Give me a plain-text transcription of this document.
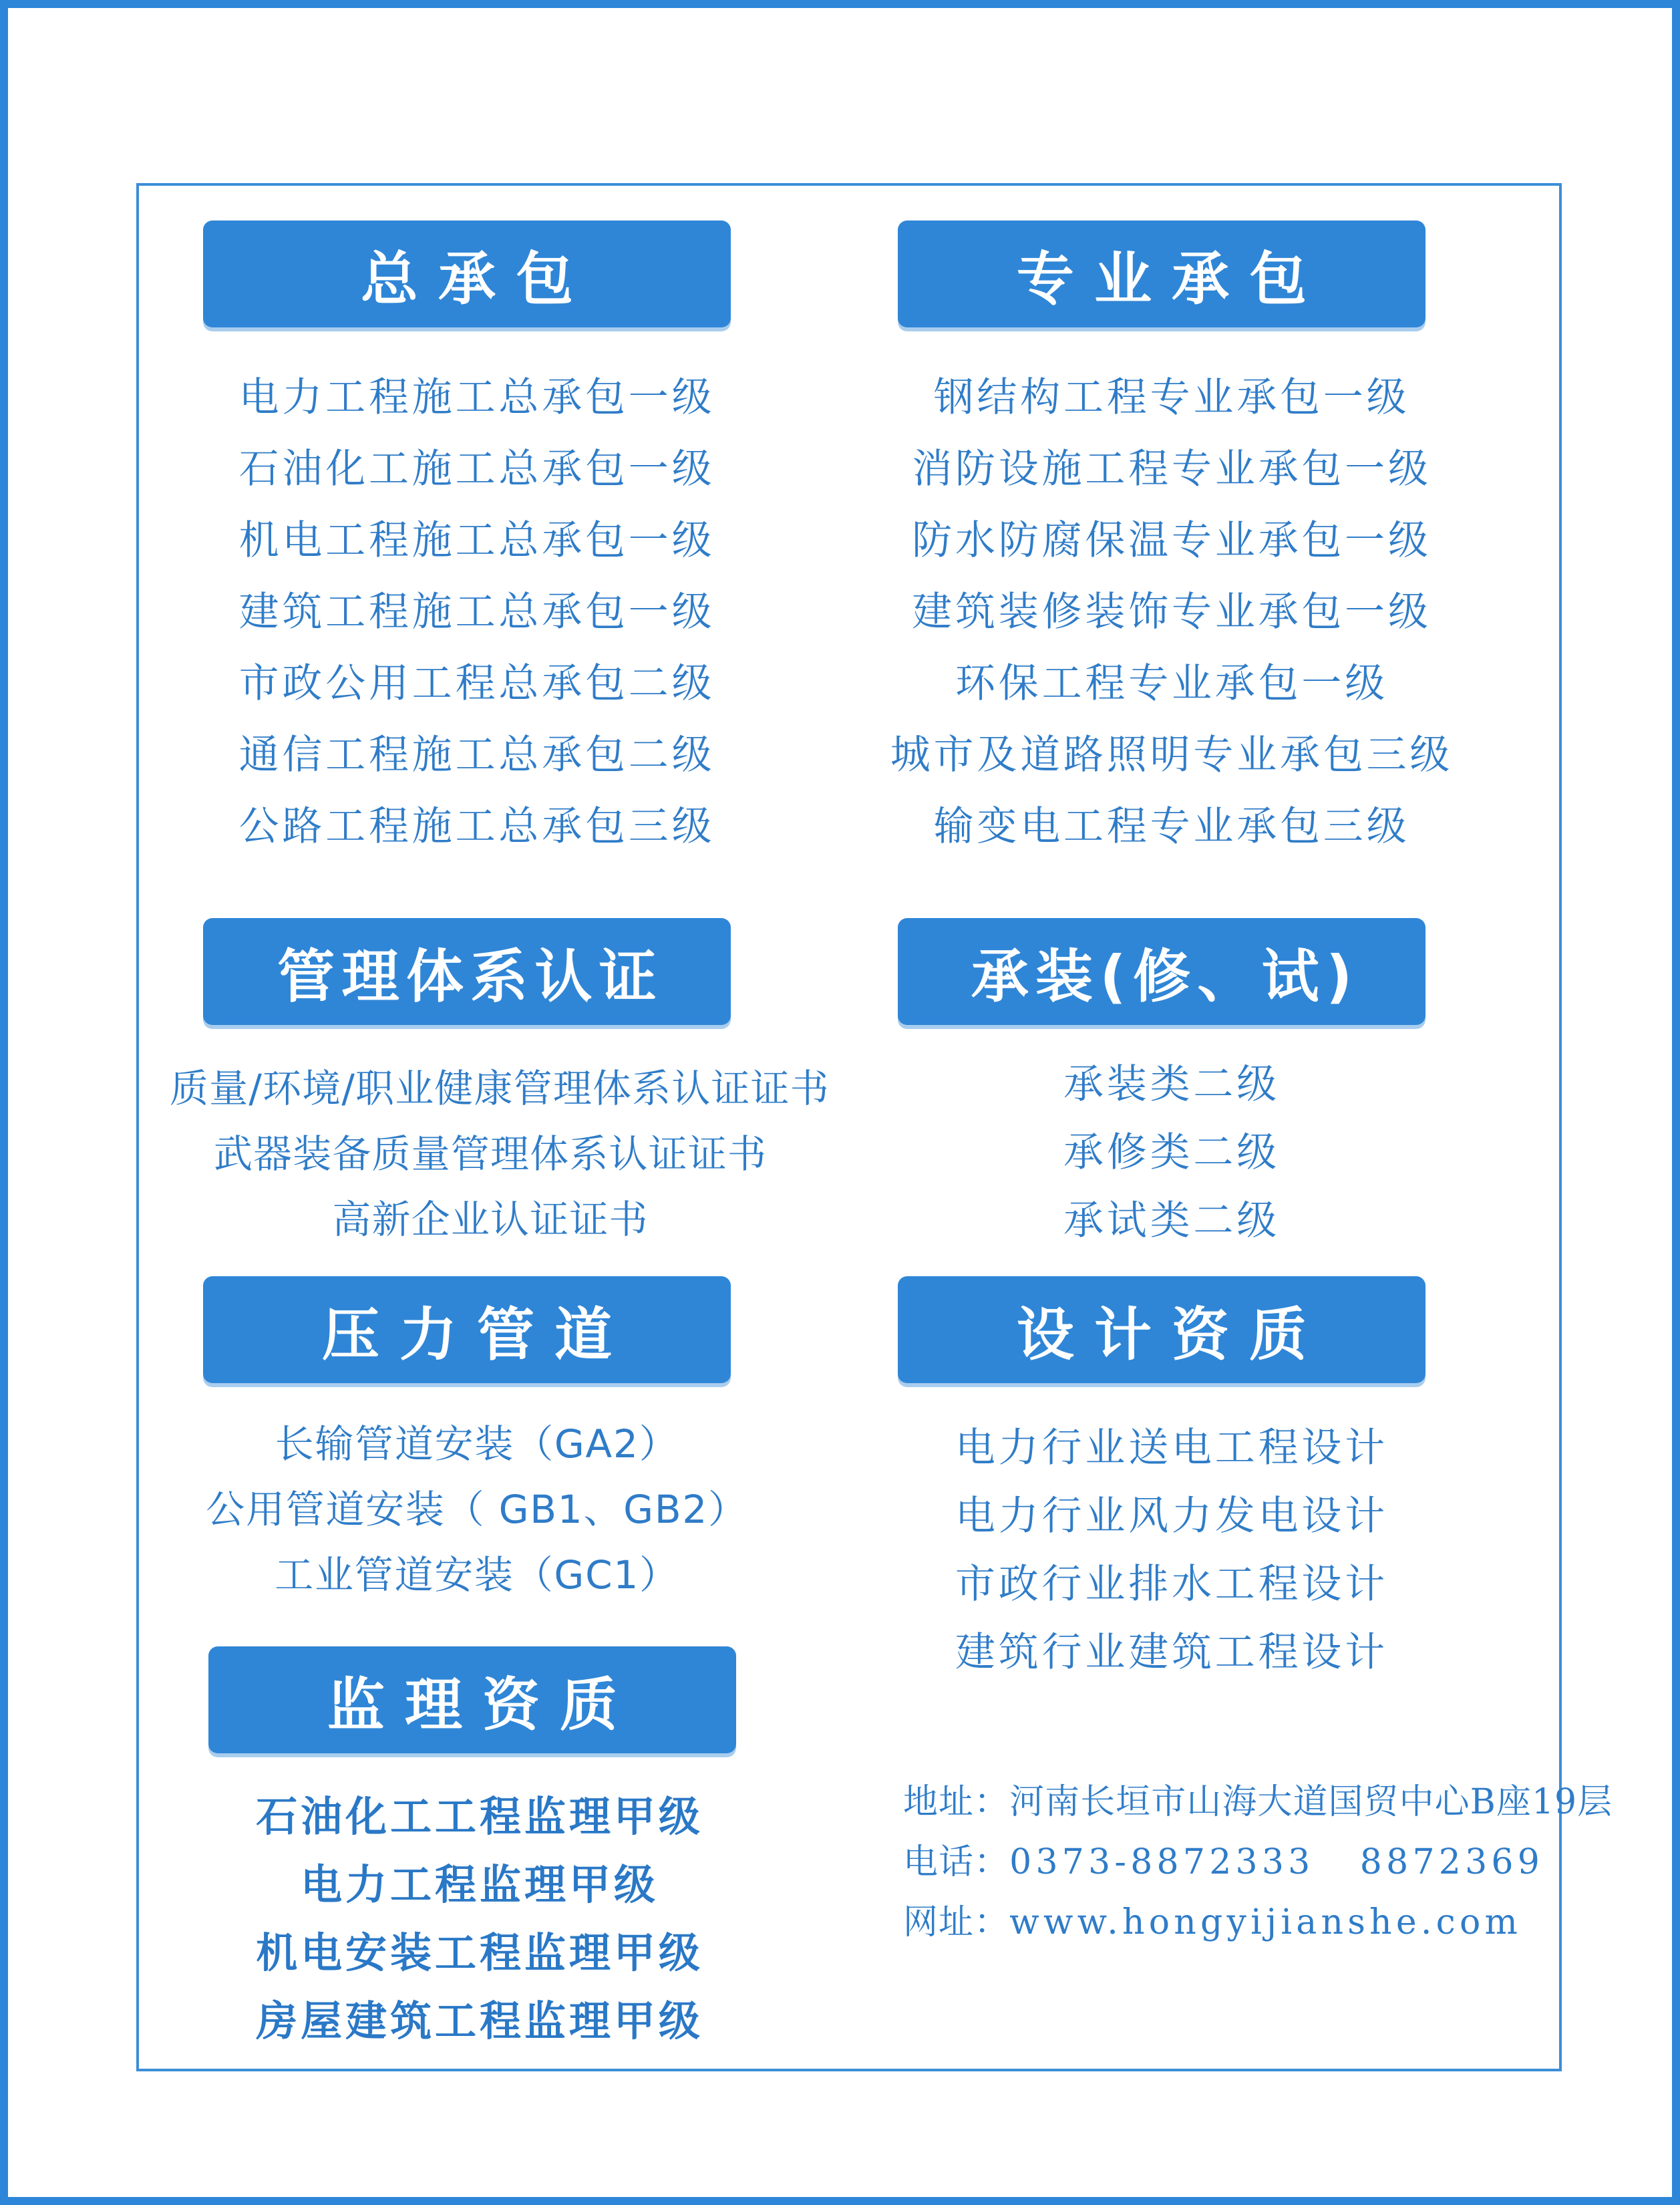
总承包
电力工程施工总承包一级
石油化工施工总承包一级
机电工程施工总承包一级
建筑工程施工总承包一级
市政公用工程总承包二级
通信工程施工总承包二级
公路工程施工总承包三级
专业承包
钢结构工程专业承包一级
消防设施工程专业承包一级
防水防腐保温专业承包一级
建筑装修装饰专业承包一级
环保工程专业承包一级
城市及道路照明专业承包三级
输变电工程专业承包三级
管理体系认证
质量/环境/职业健康管理体系认证证书
武器装备质量管理体系认证证书
高新企业认证证书
承装(修、试)
承装类二级
承修类二级
承试类二级
压力管道
长输管道安装（GA2）
公用管道安装（ GB1、GB2）
工业管道安装（GC1）
设计资质
电力行业送电工程设计
电力行业风力发电设计
市政行业排水工程设计
建筑行业建筑工程设计
监理资质
石油化工工程监理甲级
电力工程监理甲级
机电安装工程监理甲级
房屋建筑工程监理甲级
地址：河南长垣市山海大道国贸中心B座19层
电话：0373-8872333   8872369
网址：www.hongyijianshe.com
